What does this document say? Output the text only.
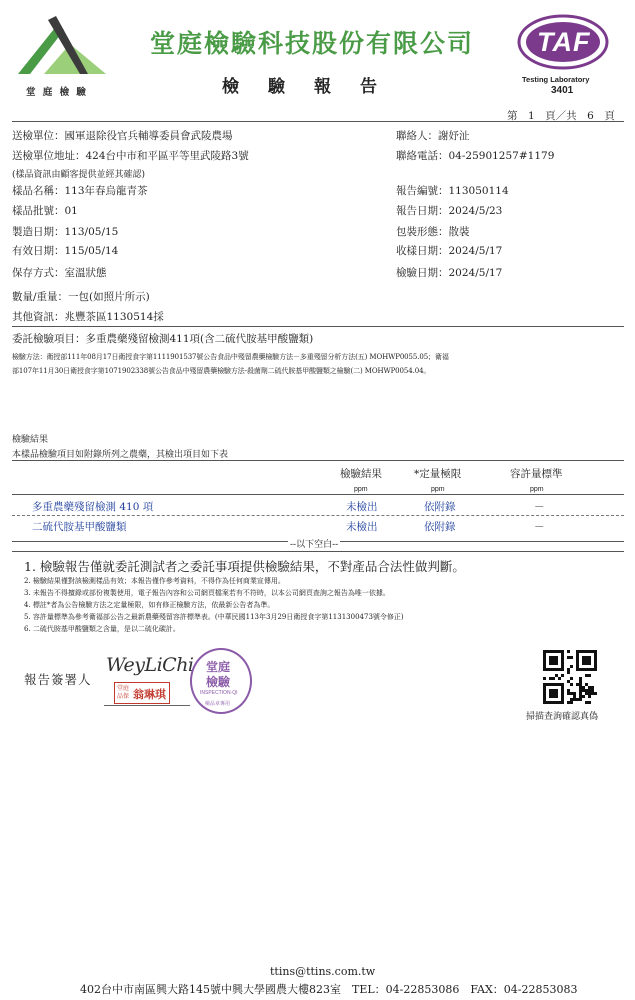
堂 庭 檢 驗
堂庭檢驗科技股份有限公司
檢　驗　報　告
TAF
Testing Laboratory
3401
第　1　頁／共　6　頁
送檢單位：國軍退除役官兵輔導委員會武陵農場
送檢單位地址：424台中市和平區平等里武陵路3號
(樣品資訊由顧客提供並經其確認)
樣品名稱：113年春烏龍青茶
樣品批號：01
製造日期：113/05/15
有效日期：115/05/14
保存方式：室溫狀態
數量/重量：一包(如照片所示)
其他資訊：兆豐茶區1130514採
委託檢驗項目：多重農藥殘留檢測411項(含二硫代胺基甲酸鹽類)
聯絡人：謝妤沚
聯絡電話：04-25901257#1179
報告編號：113050114
報告日期：2024/5/23
包裝形態：散裝
收樣日期：2024/5/17
檢驗日期：2024/5/17
檢驗方法：衛授部111年08月17日衛授食字第1111901537號公告食品中殘留農藥檢驗方法－多重殘留分析方法(五) MOHWP0055.05；衛福
部107年11月30日衛授食字第1071902338號公告食品中殘留農藥檢驗方法-殺菌劑二硫代胺基甲酸鹽類之檢驗(二) MOHWP0054.04。
檢驗結果
本樣品檢驗項目如附錄所列之農藥，其檢出項目如下表
檢驗結果	*定量極限	容許量標準
ppm	ppm	ppm
多重農藥殘留檢測 410 項	未檢出	依附錄	－
二硫代胺基甲酸鹽類	未檢出	依附錄	－
--以下空白--
1. 檢驗報告僅就委託測試者之委託事項提供檢驗結果，不對產品合法性做判斷。
2. 檢驗結果僅對該檢測樣品有效；本報告僅作參考資料，不得作為任何商業宣傳用。
3. 未報告不得擅錄或部份複製使用，電子報告內容和公司網頁檔案若有不符時，以本公司網頁查詢之報告為唯一依據。
4. 標註*者為公告檢驗方法之定量極限，如有修正檢驗方法，依最新公告者為準。
5. 容許量標準為參考衛福部公告之最新農藥殘留容許標準表。(中華民國113年3月29日衛授食字第1131300473號令修正)
6. 二硫代胺基甲酸鹽類之含量，是以二硫化碳計。
報告簽署人
WeyLiChi
堂庭 品保 翁琳琪
堂庭
檢驗
INSPECTION·QI
檢品章專用
掃描查詢確認真偽
ttins@ttins.com.tw
402台中市南區興大路145號中興大學國農大樓823室　TEL：04-22853086　FAX：04-22853083
